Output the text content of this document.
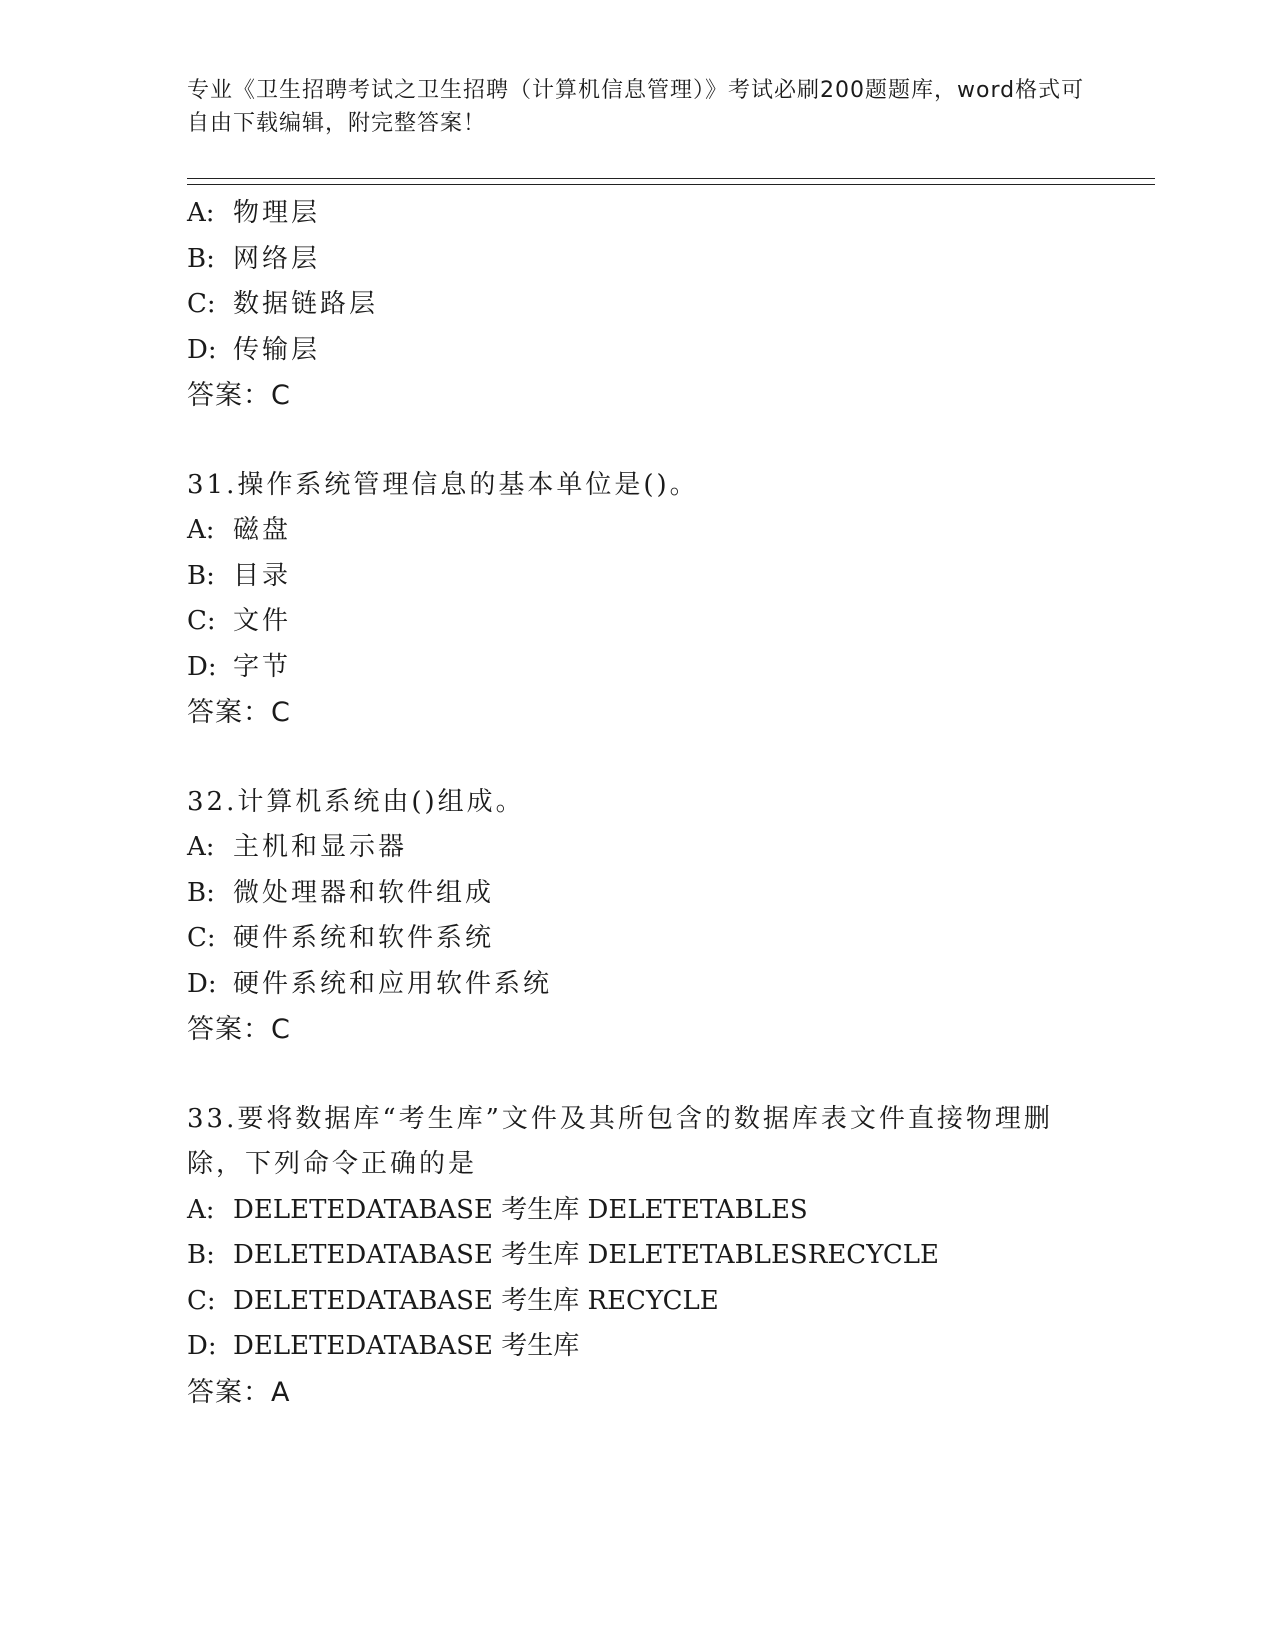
专业《卫生招聘考试之卫生招聘（计算机信息管理）》考试必刷200题题库，word格式可自由下载编辑，附完整答案！
A: 物理层
B: 网络层
C: 数据链路层
D: 传输层
答案：C
31.操作系统管理信息的基本单位是()。
A: 磁盘
B: 目录
C: 文件
D: 字节
答案：C
32.计算机系统由()组成。
A: 主机和显示器
B: 微处理器和软件组成
C: 硬件系统和软件系统
D: 硬件系统和应用软件系统
答案：C
33.要将数据库“考生库”文件及其所包含的数据库表文件直接物理删除，下列命令正确的是
A: DELETEDATABASE 考生库 DELETETABLES
B: DELETEDATABASE 考生库 DELETETABLESRECYCLE
C: DELETEDATABASE 考生库 RECYCLE
D: DELETEDATABASE 考生库
答案：A
